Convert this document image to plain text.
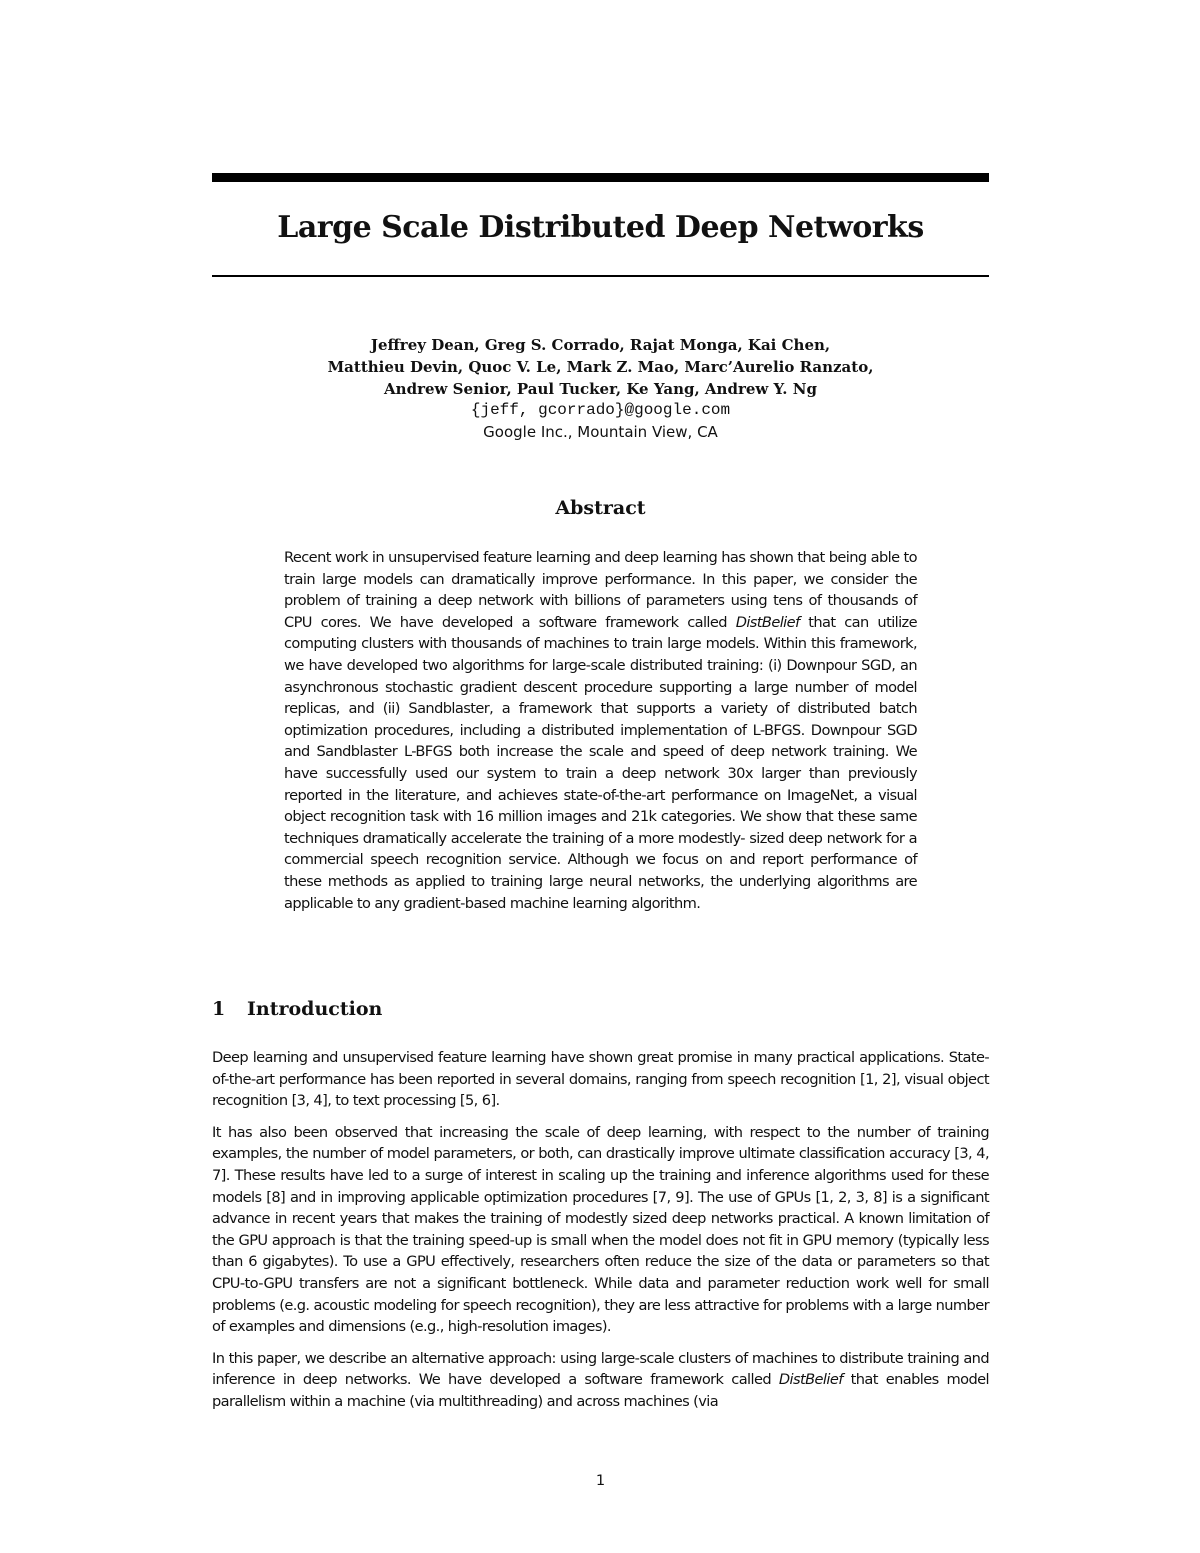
Large Scale Distributed Deep Networks
Jeffrey Dean, Greg S. Corrado, Rajat Monga, Kai Chen,
Matthieu Devin, Quoc V. Le, Mark Z. Mao, Marc’Aurelio Ranzato,
Andrew Senior, Paul Tucker, Ke Yang, Andrew Y. Ng
{jeff, gcorrado}@google.com
Google Inc., Mountain View, CA
Abstract
Recent work in unsupervised feature learning and deep learning has shown that being able to train large models can dramatically improve performance. In this paper, we consider the problem of training a deep network with billions of parameters using tens of thousands of CPU cores. We have developed a software framework called DistBelief that can utilize computing clusters with thousands of machines to train large models. Within this framework, we have developed two algorithms for large-scale distributed training: (i) Downpour SGD, an asynchronous stochastic gradient descent procedure supporting a large number of model replicas, and (ii) Sandblaster, a framework that supports a variety of distributed batch optimization procedures, including a distributed implementation of L-BFGS. Downpour SGD and Sandblaster L-BFGS both increase the scale and speed of deep network training. We have successfully used our system to train a deep network 30x larger than previously reported in the literature, and achieves state-of-the-art performance on ImageNet, a visual object recognition task with 16 million images and 21k categories. We show that these same techniques dramatically accelerate the training of a more modestly- sized deep network for a commercial speech recognition service. Although we focus on and report performance of these methods as applied to training large neural networks, the underlying algorithms are applicable to any gradient-based machine learning algorithm.
1 Introduction

Deep learning and unsupervised feature learning have shown great promise in many practical applications. State-of-the-art performance has been reported in several domains, ranging from speech recognition [1, 2], visual object recognition [3, 4], to text processing [5, 6].

It has also been observed that increasing the scale of deep learning, with respect to the number of training examples, the number of model parameters, or both, can drastically improve ultimate classification accuracy [3, 4, 7]. These results have led to a surge of interest in scaling up the training and inference algorithms used for these models [8] and in improving applicable optimization procedures [7, 9]. The use of GPUs [1, 2, 3, 8] is a significant advance in recent years that makes the training of modestly sized deep networks practical. A known limitation of the GPU approach is that the training speed-up is small when the model does not fit in GPU memory (typically less than 6 gigabytes). To use a GPU effectively, researchers often reduce the size of the data or parameters so that CPU-to-GPU transfers are not a significant bottleneck. While data and parameter reduction work well for small problems (e.g. acoustic modeling for speech recognition), they are less attractive for problems with a large number of examples and dimensions (e.g., high-resolution images).

In this paper, we describe an alternative approach: using large-scale clusters of machines to distribute training and inference in deep networks. We have developed a software framework called DistBelief that enables model parallelism within a machine (via multithreading) and across machines (via

1
